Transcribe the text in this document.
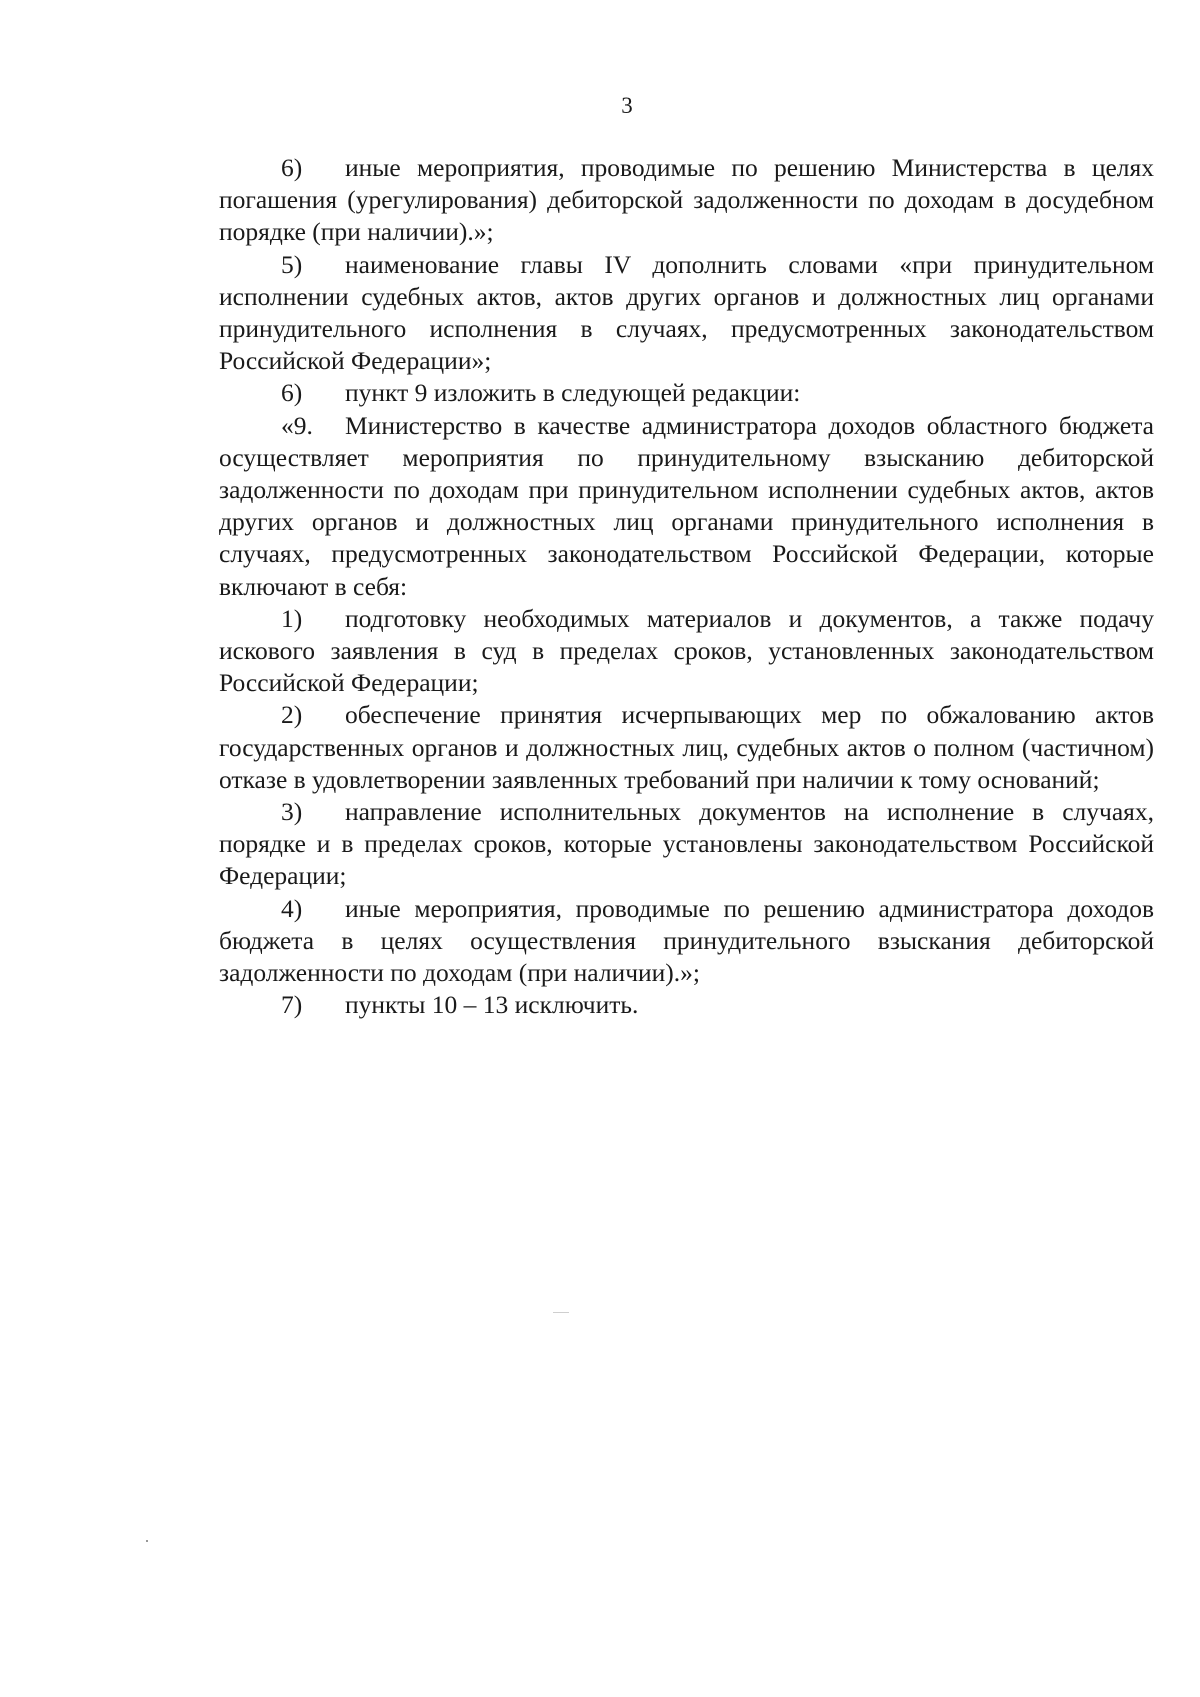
3

6) иные мероприятия, проводимые по решению Министерства в целях погашения (урегулирования) дебиторской задолженности по доходам в досудебном порядке (при наличии).»;

5) наименование главы IV дополнить словами «при принудительном исполнении судебных актов, актов других органов и должностных лиц органами принудительного исполнения в случаях, предусмотренных законодательством Российской Федерации»;

6) пункт 9 изложить в следующей редакции:

«9. Министерство в качестве администратора доходов областного бюджета осуществляет мероприятия по принудительному взысканию дебиторской задолженности по доходам при принудительном исполнении судебных актов, актов других органов и должностных лиц органами принудительного исполнения в случаях, предусмотренных законодательством Российской Федерации, которые включают в себя:

1) подготовку необходимых материалов и документов, а также подачу искового заявления в суд в пределах сроков, установленных законодательством Российской Федерации;

2) обеспечение принятия исчерпывающих мер по обжалованию актов государственных органов и должностных лиц, судебных актов о полном (частичном) отказе в удовлетворении заявленных требований при наличии к тому оснований;

3) направление исполнительных документов на исполнение в случаях, порядке и в пределах сроков, которые установлены законодательством Российской Федерации;

4) иные мероприятия, проводимые по решению администратора доходов бюджета в целях осуществления принудительного взыскания дебиторской задолженности по доходам (при наличии).»;

7) пункты 10 – 13 исключить.
